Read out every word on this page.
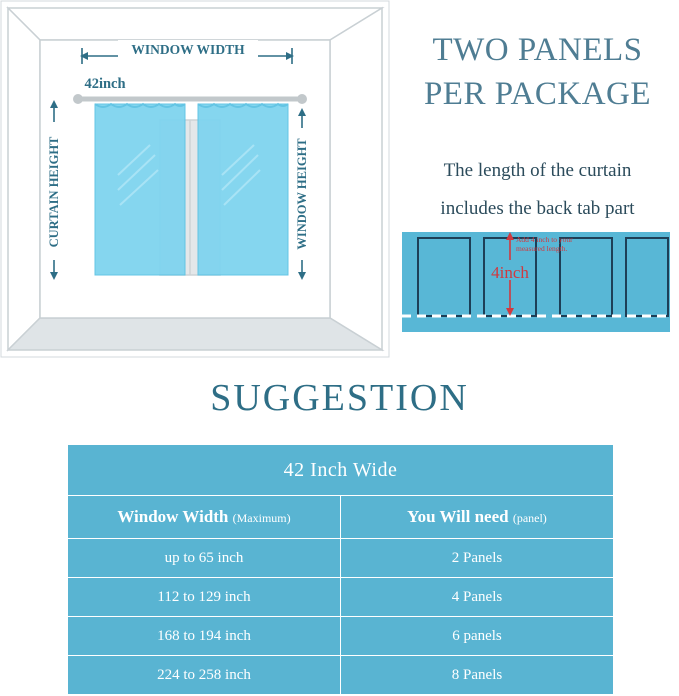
WINDOW WIDTH
42inch
CURTAIN HEIGHT	WINDOW HEIGHT
TWO PANELS
PER PACKAGE
The length of the curtain
includes the back tab part
Add 4 inch to your
measured length.
4inch
SUGGESTION
42 Inch Wide	
Window Width (Maximum)	You Will need (panel)
up to 65 inch	2 Panels
112 to 129 inch	4 Panels
168 to 194 inch	6 panels
224 to 258 inch	8 Panels
